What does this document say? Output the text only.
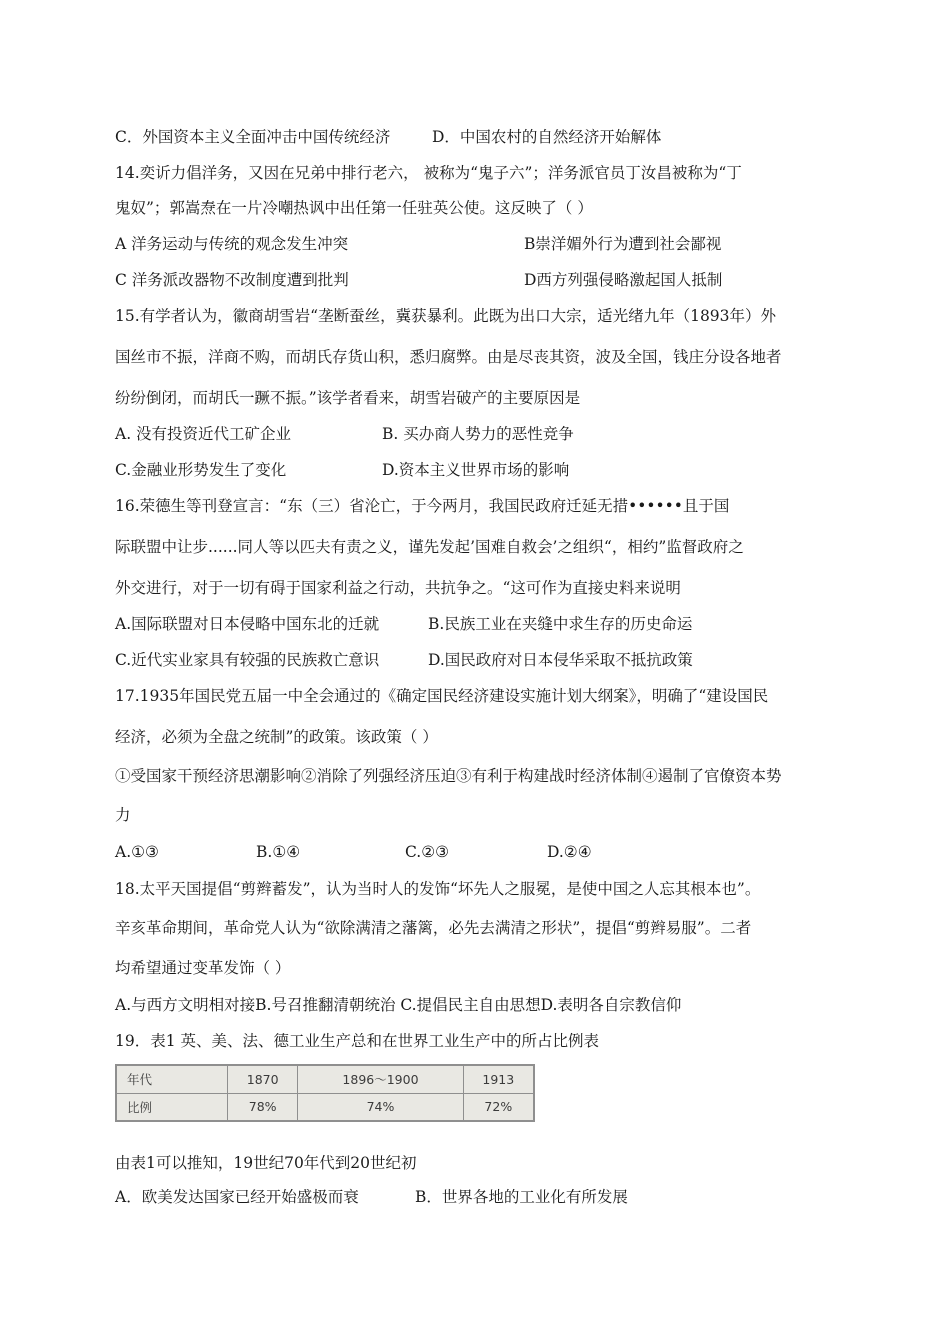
C．外国资本主义全面冲击中国传统经济	D．中国农村的自然经济开始解体
14.奕䜣力倡洋务，又因在兄弟中排行老六， 被称为“鬼子六”；洋务派官员丁汝昌被称为“丁
鬼奴”；郭嵩焘在一片冷嘲热讽中出任第一任驻英公使。这反映了（ ）
A 洋务运动与传统的观念发生冲突	B崇洋媚外行为遭到社会鄙视
C 洋务派改器物不改制度遭到批判	D西方列强侵略激起国人抵制
15.有学者认为，徽商胡雪岩“垄断蚕丝，冀获暴利。此既为出口大宗，适光绪九年（1893年）外
国丝市不振，洋商不购，而胡氏存货山积，悉归腐弊。由是尽丧其资，波及全国，钱庄分设各地者
纷纷倒闭，而胡氏一蹶不振。”该学者看来，胡雪岩破产的主要原因是
A. 没有投资近代工矿企业	B. 买办商人势力的恶性竞争
C.金融业形势发生了变化	D.资本主义世界市场的影响
16.荣德生等刊登宣言：“东（三）省沦亡，于今两月，我国民政府迁延无措••••••且于国
际联盟中让步......同人等以匹夫有责之义，谨先发起’国难自救会’之组织“，相约”监督政府之
外交进行，对于一切有碍于国家利益之行动，共抗争之。“这可作为直接史料来说明
A.国际联盟对日本侵略中国东北的迁就	B.民族工业在夹缝中求生存的历史命运
C.近代实业家具有较强的民族救亡意识	D.国民政府对日本侵华采取不抵抗政策
17.1935年国民党五届一中全会通过的《确定国民经济建设实施计划大纲案》，明确了“建设国民
经济，必须为全盘之统制”的政策。该政策（ ）
①受国家干预经济思潮影响②消除了列强经济压迫③有利于构建战时经济体制④遏制了官僚资本势
力
A.①③	B.①④	C.②③	D.②④
18.太平天国提倡“剪辫蓄发”，认为当时人的发饰“坏先人之服冕，是使中国之人忘其根本也”。
辛亥革命期间，革命党人认为“欲除满清之藩篱，必先去满清之形状”，提倡“剪辫易服”。二者
均希望通过变革发饰（ ）
A.与西方文明相对接B.号召推翻清朝统治 C.提倡民主自由思想D.表明各自宗教信仰
19．表1 英、美、法、德工业生产总和在世界工业生产中的所占比例表
年代	1870	1896～1900	1913
比例	78%	74%	72%
由表1可以推知，19世纪70年代到20世纪初
A．欧美发达国家已经开始盛极而衰	B．世界各地的工业化有所发展
